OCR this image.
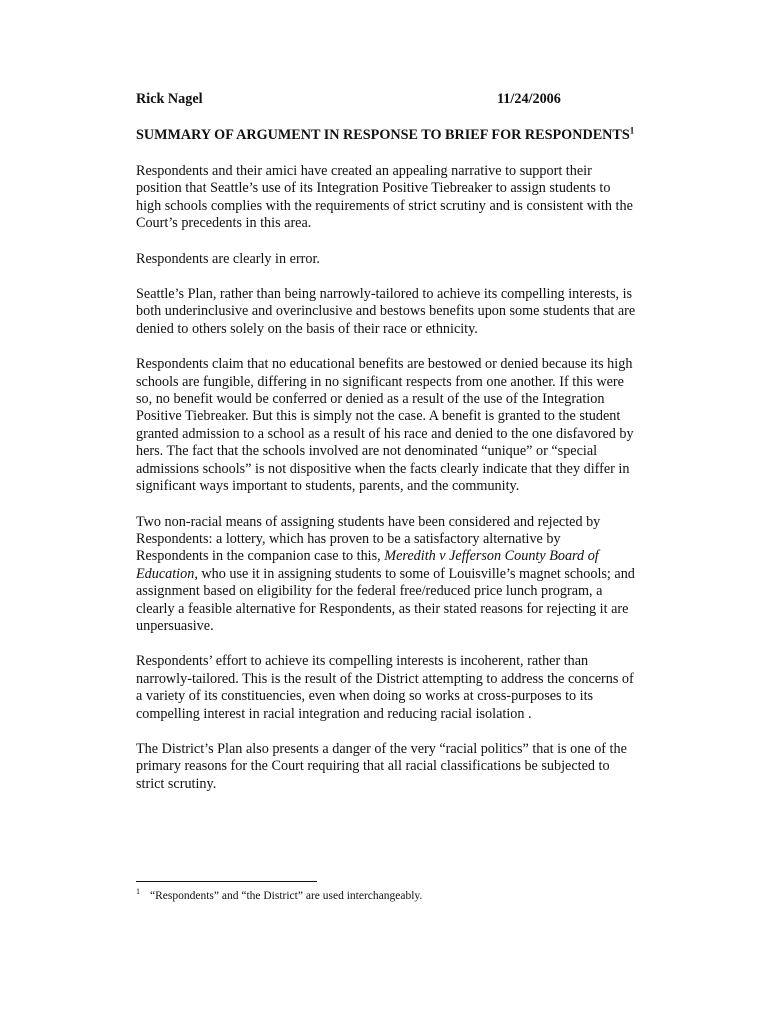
Rick Nagel	11/24/2006
SUMMARY OF ARGUMENT IN RESPONSE TO BRIEF FOR RESPONDENTS$^1$

Respondents and their amici have created an appealing narrative to support their position that Seattle’s use of its Integration Positive Tiebreaker to assign students to high schools complies with the requirements of strict scrutiny and is consistent with the Court’s precedents in this area.

Respondents are clearly in error.

Seattle’s Plan, rather than being narrowly-tailored to achieve its compelling interests, is both underinclusive and overinclusive and bestows benefits upon some students that are denied to others solely on the basis of their race or ethnicity.

Respondents claim that no educational benefits are bestowed or denied because its high schools are fungible, differing in no significant respects from one another. If this were so, no benefit would be conferred or denied as a result of the use of the Integration Positive Tiebreaker. But this is simply not the case. A benefit is granted to the student granted admission to a school as a result of his race and denied to the one disfavored by hers. The fact that the schools involved are not denominated “unique” or “special admissions schools” is not dispositive when the facts clearly indicate that they differ in significant ways important to students, parents, and the community.

Two non-racial means of assigning students have been considered and rejected by Respondents: a lottery, which has proven to be a satisfactory alternative by Respondents in the companion case to this, Meredith v Jefferson County Board of Education, who use it in assigning students to some of Louisville’s magnet schools; and assignment based on eligibility for the federal free/reduced price lunch program, a clearly a feasible alternative for Respondents, as their stated reasons for rejecting it are unpersuasive.

Respondents’ effort to achieve its compelling interests is incoherent, rather than narrowly-tailored. This is the result of the District attempting to address the concerns of a variety of its constituencies, even when doing so works at cross-purposes to its compelling interest in racial integration and reducing racial isolation .

The District’s Plan also presents a danger of the very “racial politics” that is one of the primary reasons for the Court requiring that all racial classifications be subjected to strict scrutiny.

$^1$ “Respondents” and “the District” are used interchangeably.
